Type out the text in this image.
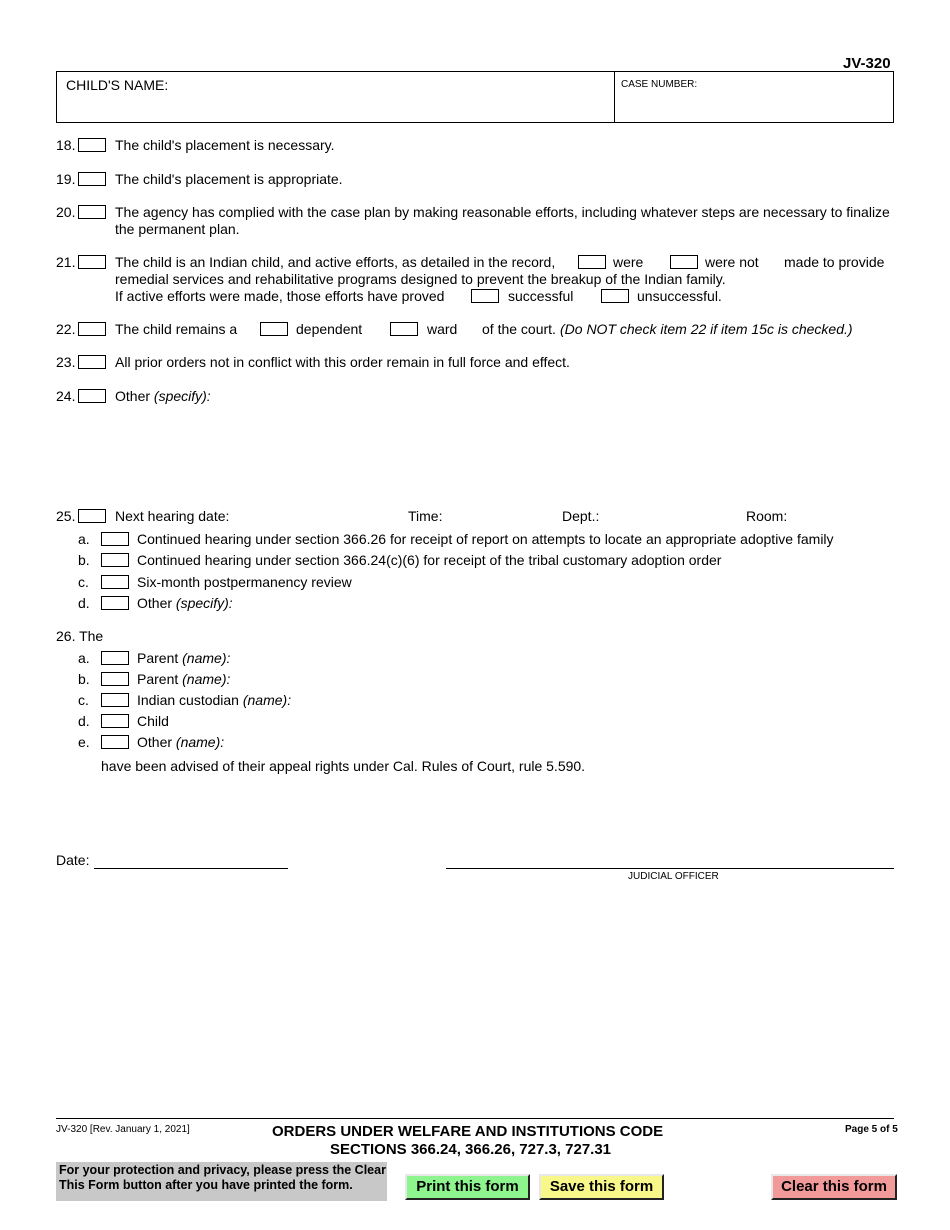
JV-320
CHILD'S NAME:	CASE NUMBER:
18.	The child's placement is necessary.
19.	The child's placement is appropriate.
20.	The agency has complied with the case plan by making reasonable efforts, including whatever steps are necessary to finalize
the permanent plan.
21.	The child is an Indian child, and active efforts, as detailed in the record,	were	were not made to provide
remedial services and rehabilitative programs designed to prevent the breakup of the Indian family.
If active efforts were made, those efforts have proved	successful	unsuccessful.
22.	The child remains a	dependent	ward of the court. (Do NOT check item 22 if item 15c is checked.)
23.	All prior orders not in conflict with this order remain in full force and effect.
24.	Other (specify):
25.	Next hearing date:	Time:	Dept.:	Room:
a.	Continued hearing under section 366.26 for receipt of report on attempts to locate an appropriate adoptive family
b.	Continued hearing under section 366.24(c)(6) for receipt of the tribal customary adoption order
c.	Six-month postpermanency review
d.	Other (specify):
26. The
a.	Parent (name):
b.	Parent (name):
c.	Indian custodian (name):
d.	Child
e.	Other (name):
have been advised of their appeal rights under Cal. Rules of Court, rule 5.590.
Date:
JUDICIAL OFFICER
JV-320 [Rev. January 1, 2021]	ORDERS UNDER WELFARE AND INSTITUTIONS CODE
SECTIONS 366.24, 366.26, 727.3, 727.31
Page 5 of 5
For your protection and privacy, please press the Clear
This Form button after you have printed the form.	Print this form	Save this form	Clear this form
